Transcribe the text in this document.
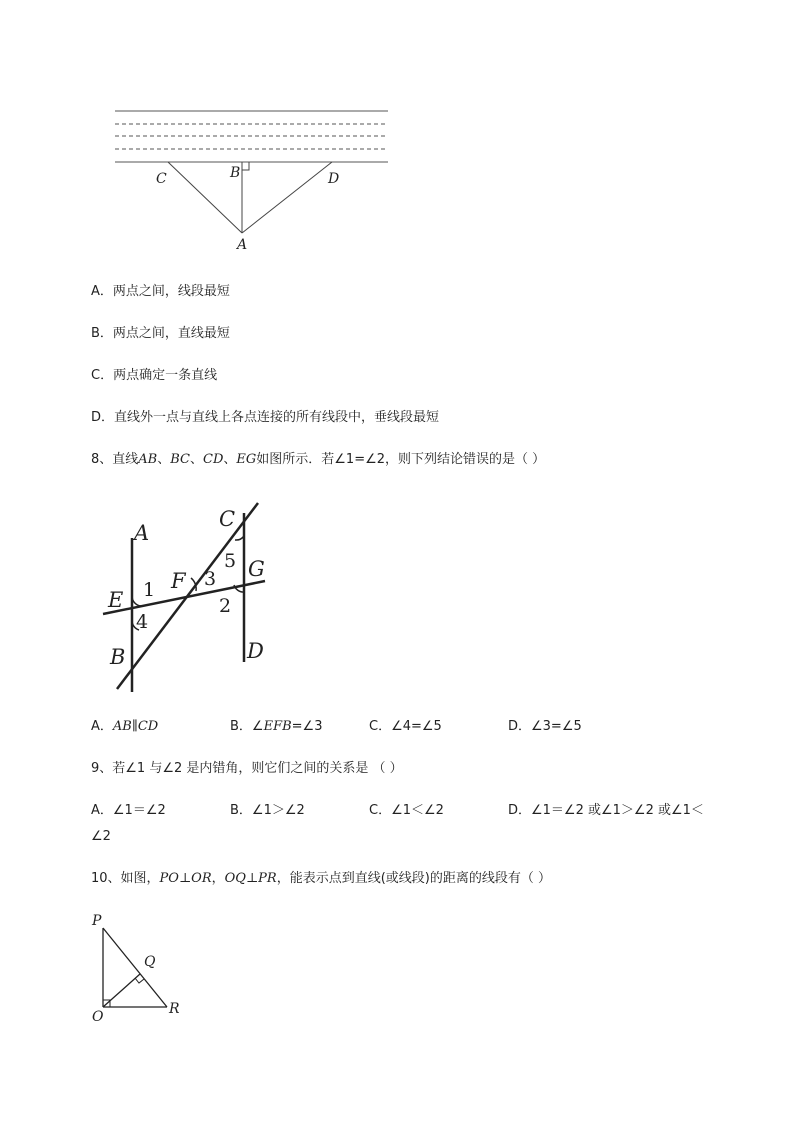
C	B	D
A
A．两点之间，线段最短
B．两点之间，直线最短
C．两点确定一条直线
D．直线外一点与直线上各点连接的所有线段中，垂线段最短
8、直线AB、BC、CD、EG如图所示．若∠1=∠2，则下列结论错误的是（ ）
A
C
E
F	G
B	D
1
4
3
5
2
A．AB∥CD	B．∠EFB=∠3	C．∠4=∠5	D．∠3=∠5
9、若∠1 与∠2 是内错角，则它们之间的关系是 （ ）
A．∠1＝∠2	B．∠1＞∠2	C．∠1＜∠2	D．∠1＝∠2 或∠1＞∠2 或∠1＜
∠2
10、如图，PO⊥OR，OQ⊥PR，能表示点到直线(或线段)的距离的线段有（ ）
P
Q
O	R
